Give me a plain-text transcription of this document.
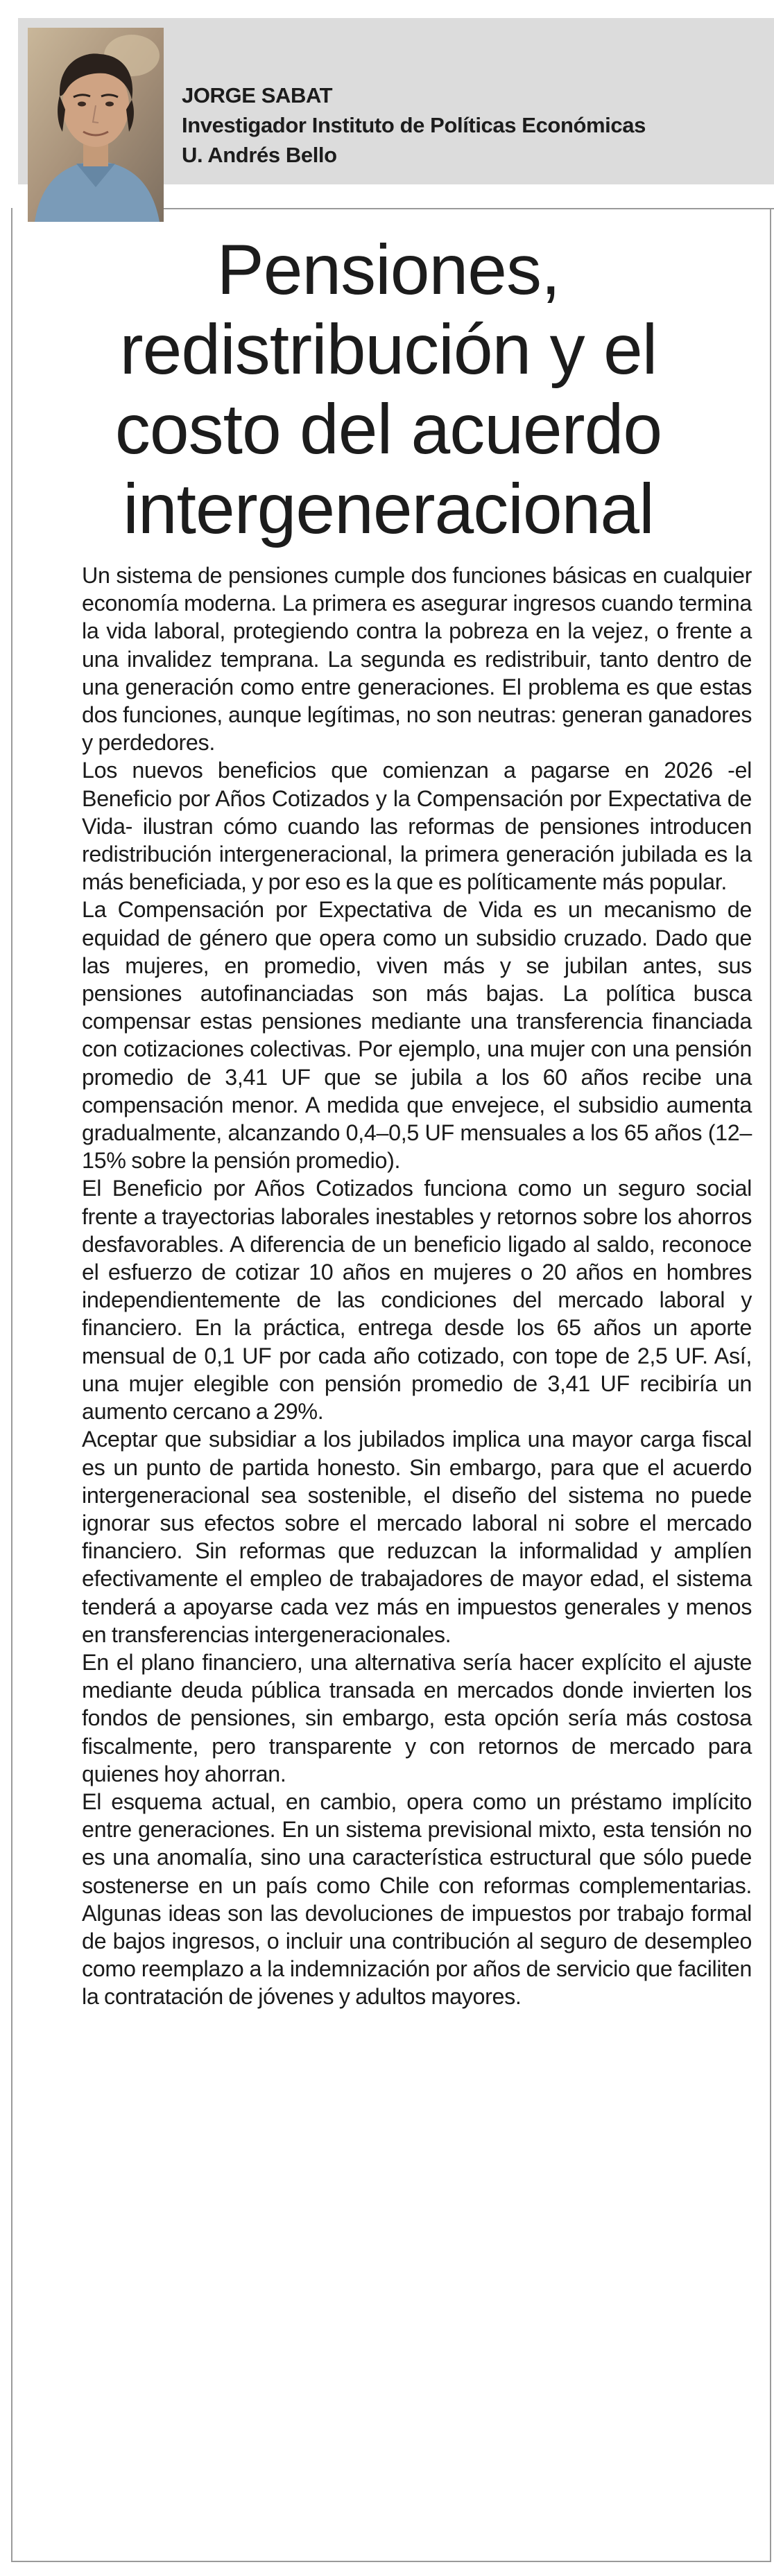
JORGE SABAT
Investigador Instituto de Políticas Económicas
U. Andrés Bello
Pensiones,
redistribución y el
costo del acuerdo
intergeneracional

Un sistema de pensiones cumple dos funciones básicas en cualquier economía moderna. La primera es asegurar ingresos cuando termina la vida laboral, protegiendo contra la pobreza en la vejez, o frente a una invalidez temprana. La segunda es redistribuir, tanto dentro de una generación como entre generaciones. El problema es que estas dos funciones, aunque legítimas, no son neutras: generan ganadores y perdedores.

Los nuevos beneficios que comienzan a pagarse en 2026 -el Beneficio por Años Cotizados y la Compensación por Expectativa de Vida- ilustran cómo cuando las reformas de pensiones introducen redistribución intergeneracional, la primera generación jubilada es la más beneficiada, y por eso es la que es políticamente más popular.

La Compensación por Expectativa de Vida es un mecanismo de equidad de género que opera como un subsidio cruzado. Dado que las mujeres, en promedio, viven más y se jubilan antes, sus pensiones autofinanciadas son más bajas. La política busca compensar estas pensiones mediante una transferencia financiada con cotizaciones colectivas. Por ejemplo, una mujer con una pensión promedio de 3,41 UF que se jubila a los 60 años recibe una compensación menor. A medida que envejece, el subsidio aumenta gradualmente, alcanzando 0,4–0,5 UF mensuales a los 65 años (12–15% sobre la pensión promedio).

El Beneficio por Años Cotizados funciona como un seguro social frente a trayectorias laborales inestables y retornos sobre los ahorros desfavorables. A diferencia de un beneficio ligado al saldo, reconoce el esfuerzo de cotizar 10 años en mujeres o 20 años en hombres independientemente de las condiciones del mercado laboral y financiero. En la práctica, entrega desde los 65 años un aporte mensual de 0,1 UF por cada año cotizado, con tope de 2,5 UF. Así, una mujer elegible con pensión promedio de 3,41 UF recibiría un aumento cercano a 29%.

Aceptar que subsidiar a los jubilados implica una mayor carga fiscal es un punto de partida honesto. Sin embargo, para que el acuerdo intergeneracional sea sostenible, el diseño del sistema no puede ignorar sus efectos sobre el mercado laboral ni sobre el mercado financiero. Sin reformas que reduzcan la informalidad y amplíen efectivamente el empleo de trabajadores de mayor edad, el sistema tenderá a apoyarse cada vez más en impuestos generales y menos en transferencias intergeneracionales.

En el plano financiero, una alternativa sería hacer explícito el ajuste mediante deuda pública transada en mercados donde invierten los fondos de pensiones, sin embargo, esta opción sería más costosa fiscalmente, pero transparente y con retornos de mercado para quienes hoy ahorran.

El esquema actual, en cambio, opera como un préstamo implícito entre generaciones. En un sistema previsional mixto, esta tensión no es una anomalía, sino una característica estructural que sólo puede sostenerse en un país como Chile con reformas complementarias. Algunas ideas son las devoluciones de impuestos por trabajo formal de bajos ingresos, o incluir una contribución al seguro de desempleo como reemplazo a la indemnización por años de servicio que faciliten la contratación de jóvenes y adultos mayores.
